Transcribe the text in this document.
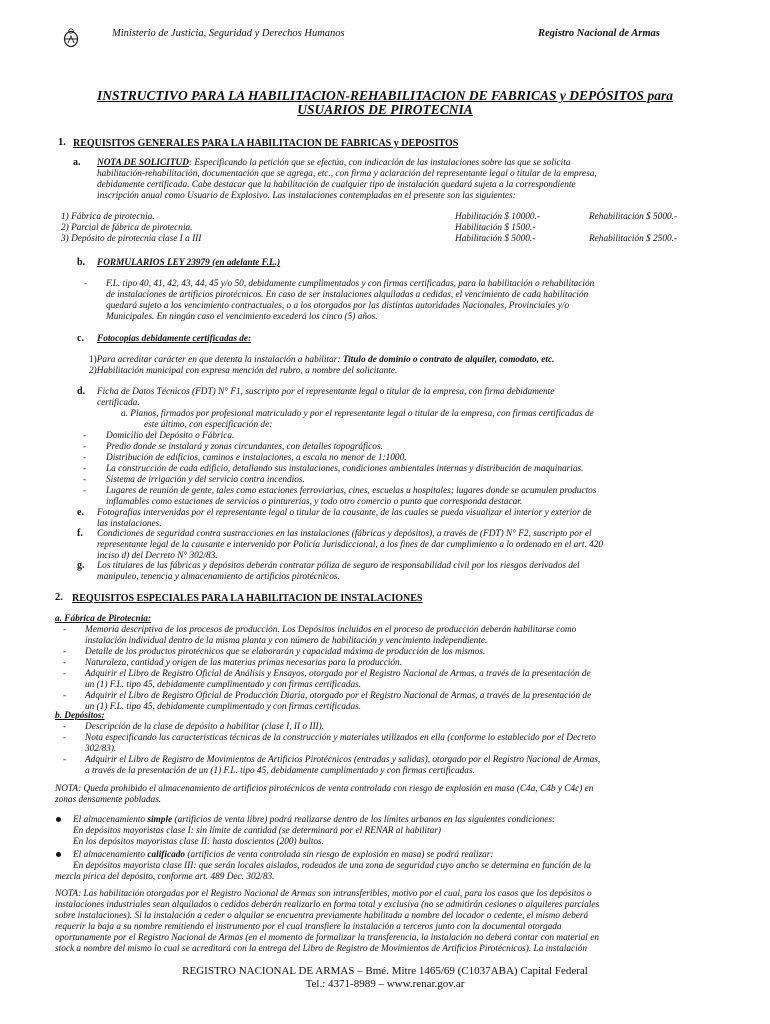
Ministerio de Justicia, Seguridad y Derechos Humanos	Registro Nacional de Armas
INSTRUCTIVO PARA LA HABILITACION-REHABILITACION DE FABRICAS y DEPÓSITOS para
USUARIOS DE PIROTECNIA
1. REQUISITOS GENERALES PARA LA HABILITACION DE FABRICAS y DEPOSITOS
a. NOTA DE SOLICITUD: Especificando la petición que se efectúa, con indicación de las instalaciones sobre las que se solicita
habilitación-rehabilitación, documentación que se agrega, etc., con firma y aclaración del representante legal o titular de la empresa,
debidamente certificada. Cabe destacar que la habilitación de cualquier tipo de instalación quedará sujeta a la correspondiente
inscripción anual como Usuario de Explosivo. Las instalaciones contempladas en el presente son las siguientes:
1) Fábrica de pirotecnia.	Habilitación $ 10000.-	Rehabilitación $ 5000.-
2) Parcial de fábrica de pirotecnia.	Habilitación $ 1500.-
3) Depósito de pirotecnia clase I a III	Habilitación $ 5000.-	Rehabilitación $ 2500.-
b. FORMULARIOS LEY 23979 (en adelante F.L.)
- F.L. tipo 40, 41, 42, 43, 44, 45 y/o 50, debidamente cumplimentados y con firmas certificadas, para la habilitación o rehabilitación
de instalaciones de artificios pirotécnicos. En caso de ser instalaciones alquiladas a cedidas, el vencimiento de cada habilitación
quedará sujeto a los vencimiento contractuales, o a los otorgados por las distintas autoridades Nacionales, Provinciales y/o
Municipales. En ningún caso el vencimiento excederá los cinco (5) años.
c. Fotocopias debidamente certificadas de:
1)Para acreditar carácter en que detenta la instalación a habilitar: Titulo de dominio o contrato de alquiler, comodato, etc.
2)Habilitación municipal con expresa mención del rubro, a nombre del solicitante.
d. Ficha de Datos Técnicos (FDT) N° F1, suscripto por el representante legal o titular de la empresa, con firma debidamente
certificada.
a. Planos, firmados por profesional matriculado y por el representante legal o titular de la empresa, con firmas certificadas de
este último, con especificación de:
- Domicilio del Depósito o Fábrica.
- Predio donde se instalará y zonas circundantes, con detalles topográficos.
- Distribución de edificios, caminos e instalaciones, a escala no menor de 1:1000.
- La construcción de cada edificio, detallando sus instalaciones, condiciones ambientales internas y distribución de maquinarias.
- Sistema de irrigación y del servicio contra incendios.
- Lugares de reunión de gente, tales como estaciones ferroviarias, cines, escuelas u hospitales; lugares donde se acumulen productos
inflamables como estaciones de servicios o pinturerías, y todo otro comercio o punto que corresponda destacar.
e. Fotografías intervenidas por el representante legal o titular de la causante, de las cuales se pueda visualizar el interior y exterior de
las instalaciones.
f. Condiciones de seguridad contra sustracciones en las instalaciones (fábricas y depósitos), a través de (FDT) N° F2, suscripto por el
representante legal de la causante e intervenido por Policía Jurisdiccional, a los fines de dar cumplimiento a lo ordenado en el art. 420
inciso d) del Decreto N° 302/83.
g. Los titulares de las fábricas y depósitos deberán contratar póliza de seguro de responsabilidad civil por los riesgos derivados del
manipuleo, tenencia y almacenamiento de artificios pirotécnicos.
2. REQUISITOS ESPECIALES PARA LA HABILITACION DE INSTALACIONES
a. Fábrica de Pirotecnia:
- Memoria descriptiva de los procesos de producción. Los Depósitos incluidos en el proceso de producción deberán habilitarse como
instalación individual dentro de la misma planta y con número de habilitación y vencimiento independiente.
- Detalle de los productos pirotécnicos que se elaborarán y capacidad máxima de producción de los mismos.
- Naturaleza, cantidad y origen de las materias primas necesarias para la producción.
- Adquirir el Libro de Registro Oficial de Análisis y Ensayos, otorgado por el Registro Nacional de Armas, a través de la presentación de
un (1) F.L. tipo 45, debidamente cumplimentado y con firmas certificadas.
- Adquirir el Libro de Registro Oficial de Producción Diaria, otorgado por el Registro Nacional de Armas, a través de la presentación de
un (1) F.L. tipo 45, debidamente cumplimentado y con firmas certificadas.
b. Depósitos:
- Descripción de la clase de depósito a habilitar (clase I, II o III).
- Nota especificando las características técnicas de la construcción y materiales utilizados en ella (conforme lo establecido por el Decreto
302/83).
- Adquirir el Libro de Registro de Movimientos de Artificios Pirotécnicos (entradas y salidas), otorgado por el Registro Nacional de Armas,
a través de la presentación de un (1) F.L. tipo 45, debidamente cumplimentado y con firmas certificadas.
NOTA: Queda prohibido el almacenamiento de artificios pirotécnicos de venta controlada con riesgo de explosión en masa (C4a, C4b y C4c) en
zonas densamente pobladas.
El almacenamiento simple (artificios de venta libre) podrá realizarse dentro de los límites urbanos en las siguientes condiciones:
En depósitos mayoristas clase I: sin límite de cantidad (se determinará por el RENAR al habilitar)
En los depósitos mayoristas clase II: hasta doscientos (200) bultos.
El almacenamiento calificado (artificios de venta controlada sin riesgo de explosión en masa) se podrá realizar:
En depósitos mayorista clase III: que serán locales aislados, rodeados de una zona de seguridad cuyo ancho se determina en función de la
mezcla pírica del depósito, conforme art. 489 Dec. 302/83.
NOTA: Las habilitación otorgadas por el Registro Nacional de Armas son intransferibles, motivo por el cual, para los casos que los depósitos o
instalaciones industriales sean alquilados o cedidos deberán realizarlo en forma total y exclusiva (no se admitirán cesiones o alquileres parciales
sobre instalaciones). Si la instalación a ceder o alquilar se encuentra previamente habilitada a nombre del locador o cedente, el mismo deberá
requerir la baja a su nombre remitiendo el instrumento por el cual transfiere la instalación a terceros junto con la documental otorgada
oportunamente por el Registro Nacional de Armas (en el momento de formalizar la transferencia, la instalación no deberá contar con material en
stock a nombre del mismo lo cual se acreditará con la entrega del Libro de Registro de Movimientos de Artificios Pirotécnicos). La instalación
REGISTRO NACIONAL DE ARMAS – Bmé. Mitre 1465/69 (C1037ABA) Capital Federal
Tel.: 4371-8989 – www.renar.gov.ar
